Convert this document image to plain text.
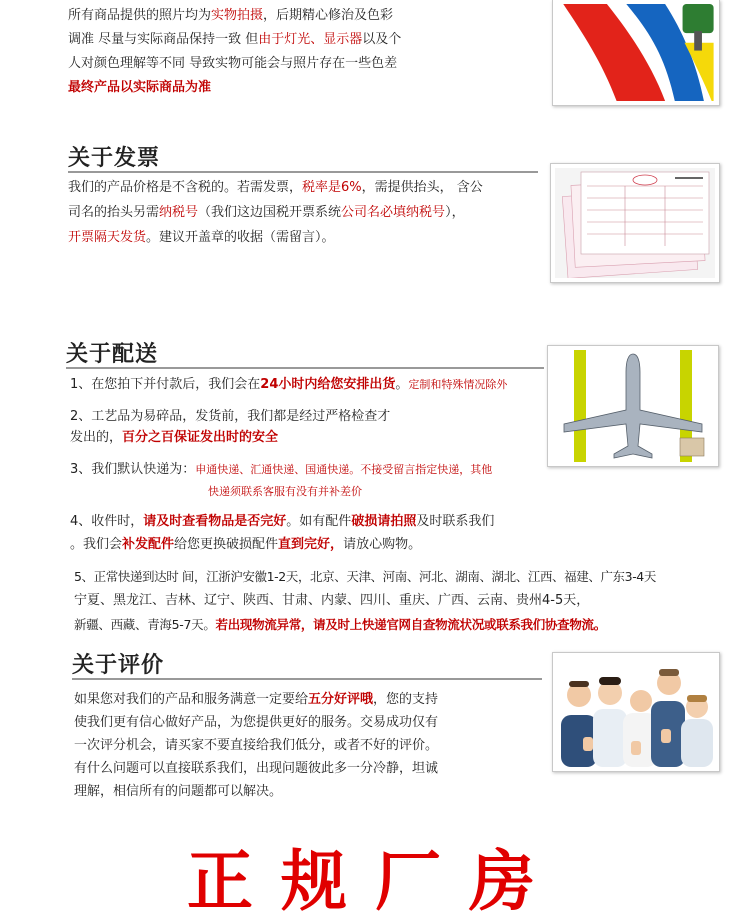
所有商品提供的照片均为实物拍摄，后期精心修治及色彩
调准 尽量与实际商品保持一致 但由于灯光、显示器以及个
人对颜色理解等不同 导致实物可能会与照片存在一些色差
最终产品以实际商品为准
关于发票
我们的产品价格是不含税的。若需发票，税率是6%，需提供抬头， 含公
司名的抬头另需纳税号（我们这边国税开票系统公司名必填纳税号），
开票隔天发货。建议开盖章的收据（需留言）。
关于配送
1、在您拍下并付款后，我们会在24小时内给您安排出货。定制和特殊情况除外
2、工艺品为易碎品，发货前，我们都是经过严格检查才
发出的，百分之百保证发出时的安全
3、我们默认快递为：申通快递、汇通快递、国通快递。不接受留言指定快递，其他
快递须联系客服有没有并补差价
4、收件时，请及时查看物品是否完好。如有配件破损请拍照及时联系我们
。我们会补发配件给您更换破损配件直到完好，请放心购物。
5、正常快递到达时 间，江浙沪安徽1-2天，北京、天津、河南、河北、湖南、湖北、江西、福建、广东3-4天
宁夏、黑龙江、吉林、辽宁、陕西、甘肃、内蒙、四川、重庆、广西、云南、贵州4-5天，
新疆、西藏、青海5-7天。若出现物流异常，请及时上快递官网自查物流状况或联系我们协查物流。
关于评价
如果您对我们的产品和服务满意一定要给五分好评哦，您的支持
使我们更有信心做好产品，为您提供更好的服务。交易成功仅有
一次评分机会，请买家不要直接给我们低分，或者不好的评价。
有什么问题可以直接联系我们，出现问题彼此多一分冷静，坦诚
理解，相信所有的问题都可以解决。
正规厂房
